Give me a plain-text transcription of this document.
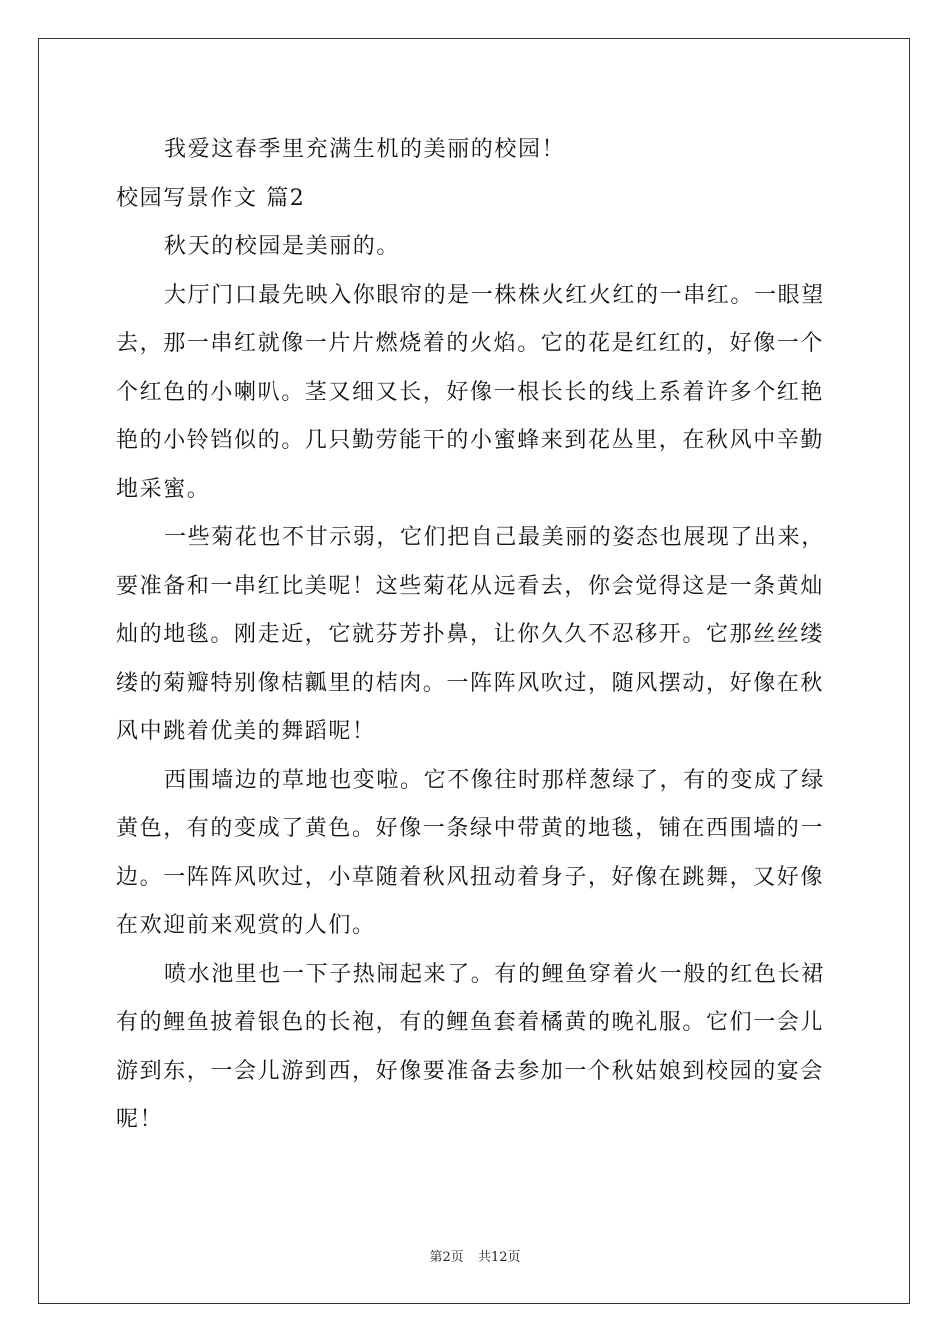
我爱这春季里充满生机的美丽的校园！
校园写景作文 篇2
秋天的校园是美丽的。
大厅门口最先映入你眼帘的是一株株火红火红的一串红。一眼望
去，那一串红就像一片片燃烧着的火焰。它的花是红红的，好像一个
个红色的小喇叭。茎又细又长，好像一根长长的线上系着许多个红艳
艳的小铃铛似的。几只勤劳能干的小蜜蜂来到花丛里，在秋风中辛勤
地采蜜。
一些菊花也不甘示弱，它们把自己最美丽的姿态也展现了出来，
要准备和一串红比美呢！这些菊花从远看去，你会觉得这是一条黄灿
灿的地毯。刚走近，它就芬芳扑鼻，让你久久不忍移开。它那丝丝缕
缕的菊瓣特别像桔瓤里的桔肉。一阵阵风吹过，随风摆动，好像在秋
风中跳着优美的舞蹈呢！
西围墙边的草地也变啦。它不像往时那样葱绿了，有的变成了绿
黄色，有的变成了黄色。好像一条绿中带黄的地毯，铺在西围墙的一
边。一阵阵风吹过，小草随着秋风扭动着身子，好像在跳舞，又好像
在欢迎前来观赏的人们。
喷水池里也一下子热闹起来了。有的鲤鱼穿着火一般的红色长裙
有的鲤鱼披着银色的长袍，有的鲤鱼套着橘黄的晚礼服。它们一会儿
游到东，一会儿游到西，好像要准备去参加一个秋姑娘到校园的宴会
呢！
第2页 共12页
